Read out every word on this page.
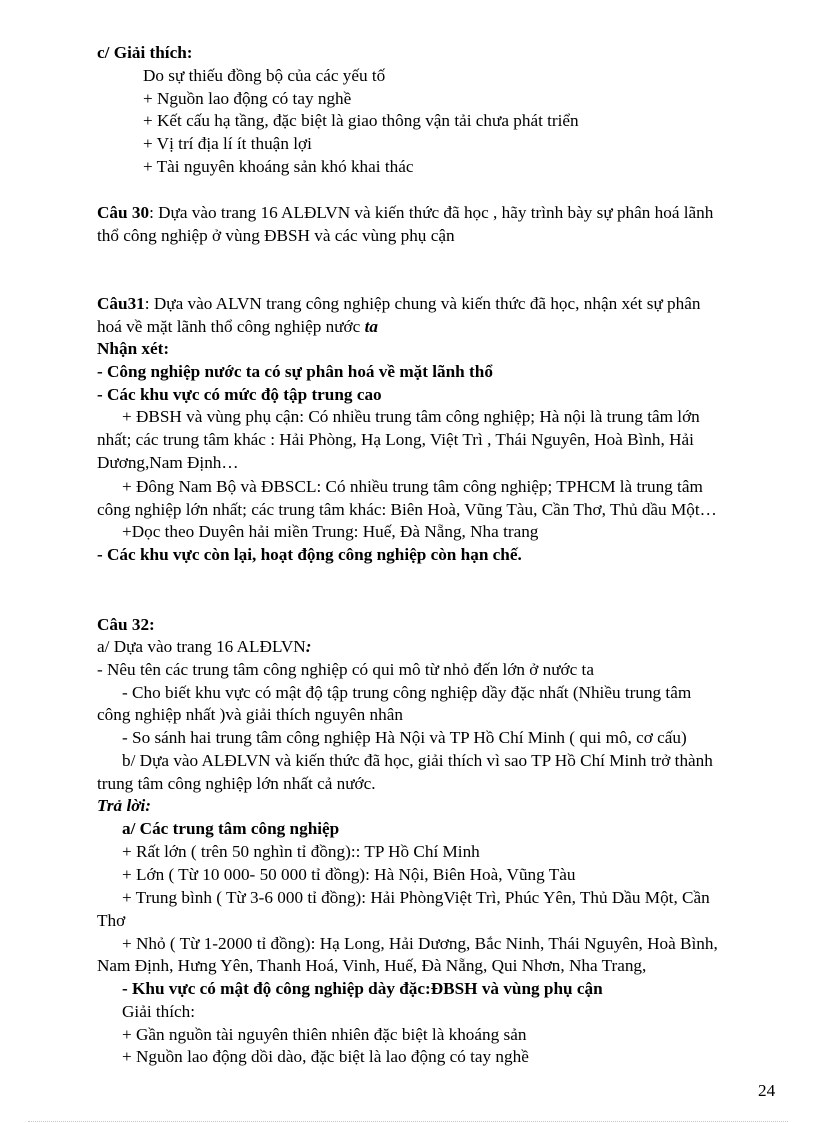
c/ Giải thích:
Do sự thiếu đồng bộ của các yếu tố
+ Nguồn lao động có tay nghề
+ Kết cấu hạ tầng, đặc biệt là giao thông vận tải chưa phát triển
+ Vị trí địa lí ít thuận lợi
+ Tài nguyên khoáng sản khó khai thác
Câu 30: Dựa vào trang 16 ALĐLVN và kiến thức đã học , hãy trình bày sự phân hoá lãnh
thổ công nghiệp ở vùng ĐBSH và các vùng phụ cận
Câu31: Dựa vào ALVN trang công nghiệp chung và kiến thức đã học, nhận xét sự phân
hoá về mặt lãnh thổ công nghiệp nước ta
Nhận xét:
- Công nghiệp nước ta có sự phân hoá về mặt lãnh thổ
- Các khu vực có mức độ tập trung cao
+ ĐBSH và vùng phụ cận: Có nhiều trung tâm công nghiệp; Hà nội là trung tâm lớn
nhất; các trung tâm khác : Hải Phòng, Hạ Long, Việt Trì , Thái Nguyên, Hoà Bình, Hải
Dương,Nam Định…
+ Đông Nam Bộ và ĐBSCL: Có nhiều trung tâm công nghiệp; TPHCM là trung tâm
công nghiệp lớn nhất; các trung tâm khác: Biên Hoà, Vũng Tàu, Cần Thơ, Thủ dầu Một…
+Dọc theo Duyên hải miền Trung: Huế, Đà Nẵng, Nha trang
- Các khu vực còn lại, hoạt động công nghiệp còn hạn chế.
Câu 32:
a/ Dựa vào trang 16 ALĐLVN:
- Nêu tên các trung tâm công nghiệp có qui mô từ nhỏ đến lớn ở nước ta
- Cho biết khu vực có mật độ tập trung công nghiệp dầy đặc nhất (Nhiều trung tâm
công nghiệp nhất )và giải thích nguyên nhân
- So sánh hai trung tâm công nghiệp Hà Nội và TP Hồ Chí Minh ( qui mô, cơ cấu)
b/ Dựa vào ALĐLVN và kiến thức đã học, giải thích vì sao TP Hồ Chí Minh trở thành
trung tâm công nghiệp lớn nhất cả nước.
Trả lời:
a/ Các trung tâm công nghiệp
+ Rất lớn ( trên 50 nghìn tỉ đồng):: TP Hồ Chí Minh
+ Lớn ( Từ 10 000- 50 000 tỉ đồng): Hà Nội, Biên Hoà, Vũng Tàu
+ Trung bình ( Từ 3-6 000 tỉ đồng): Hải PhòngViệt Trì, Phúc Yên, Thủ Dầu Một, Cần
Thơ
+ Nhỏ ( Từ 1-2000 tỉ đồng): Hạ Long, Hải Dương, Bắc Ninh, Thái Nguyên, Hoà Bình,
Nam Định, Hưng Yên, Thanh Hoá, Vinh, Huế, Đà Nẵng, Qui Nhơn, Nha Trang,
- Khu vực có mật độ công nghiệp dày đặc:ĐBSH và vùng phụ cận
Giải thích:
+ Gần nguồn tài nguyên thiên nhiên đặc biệt là khoáng sản
+ Nguồn lao động dồi dào, đặc biệt là lao động có tay nghề
24
